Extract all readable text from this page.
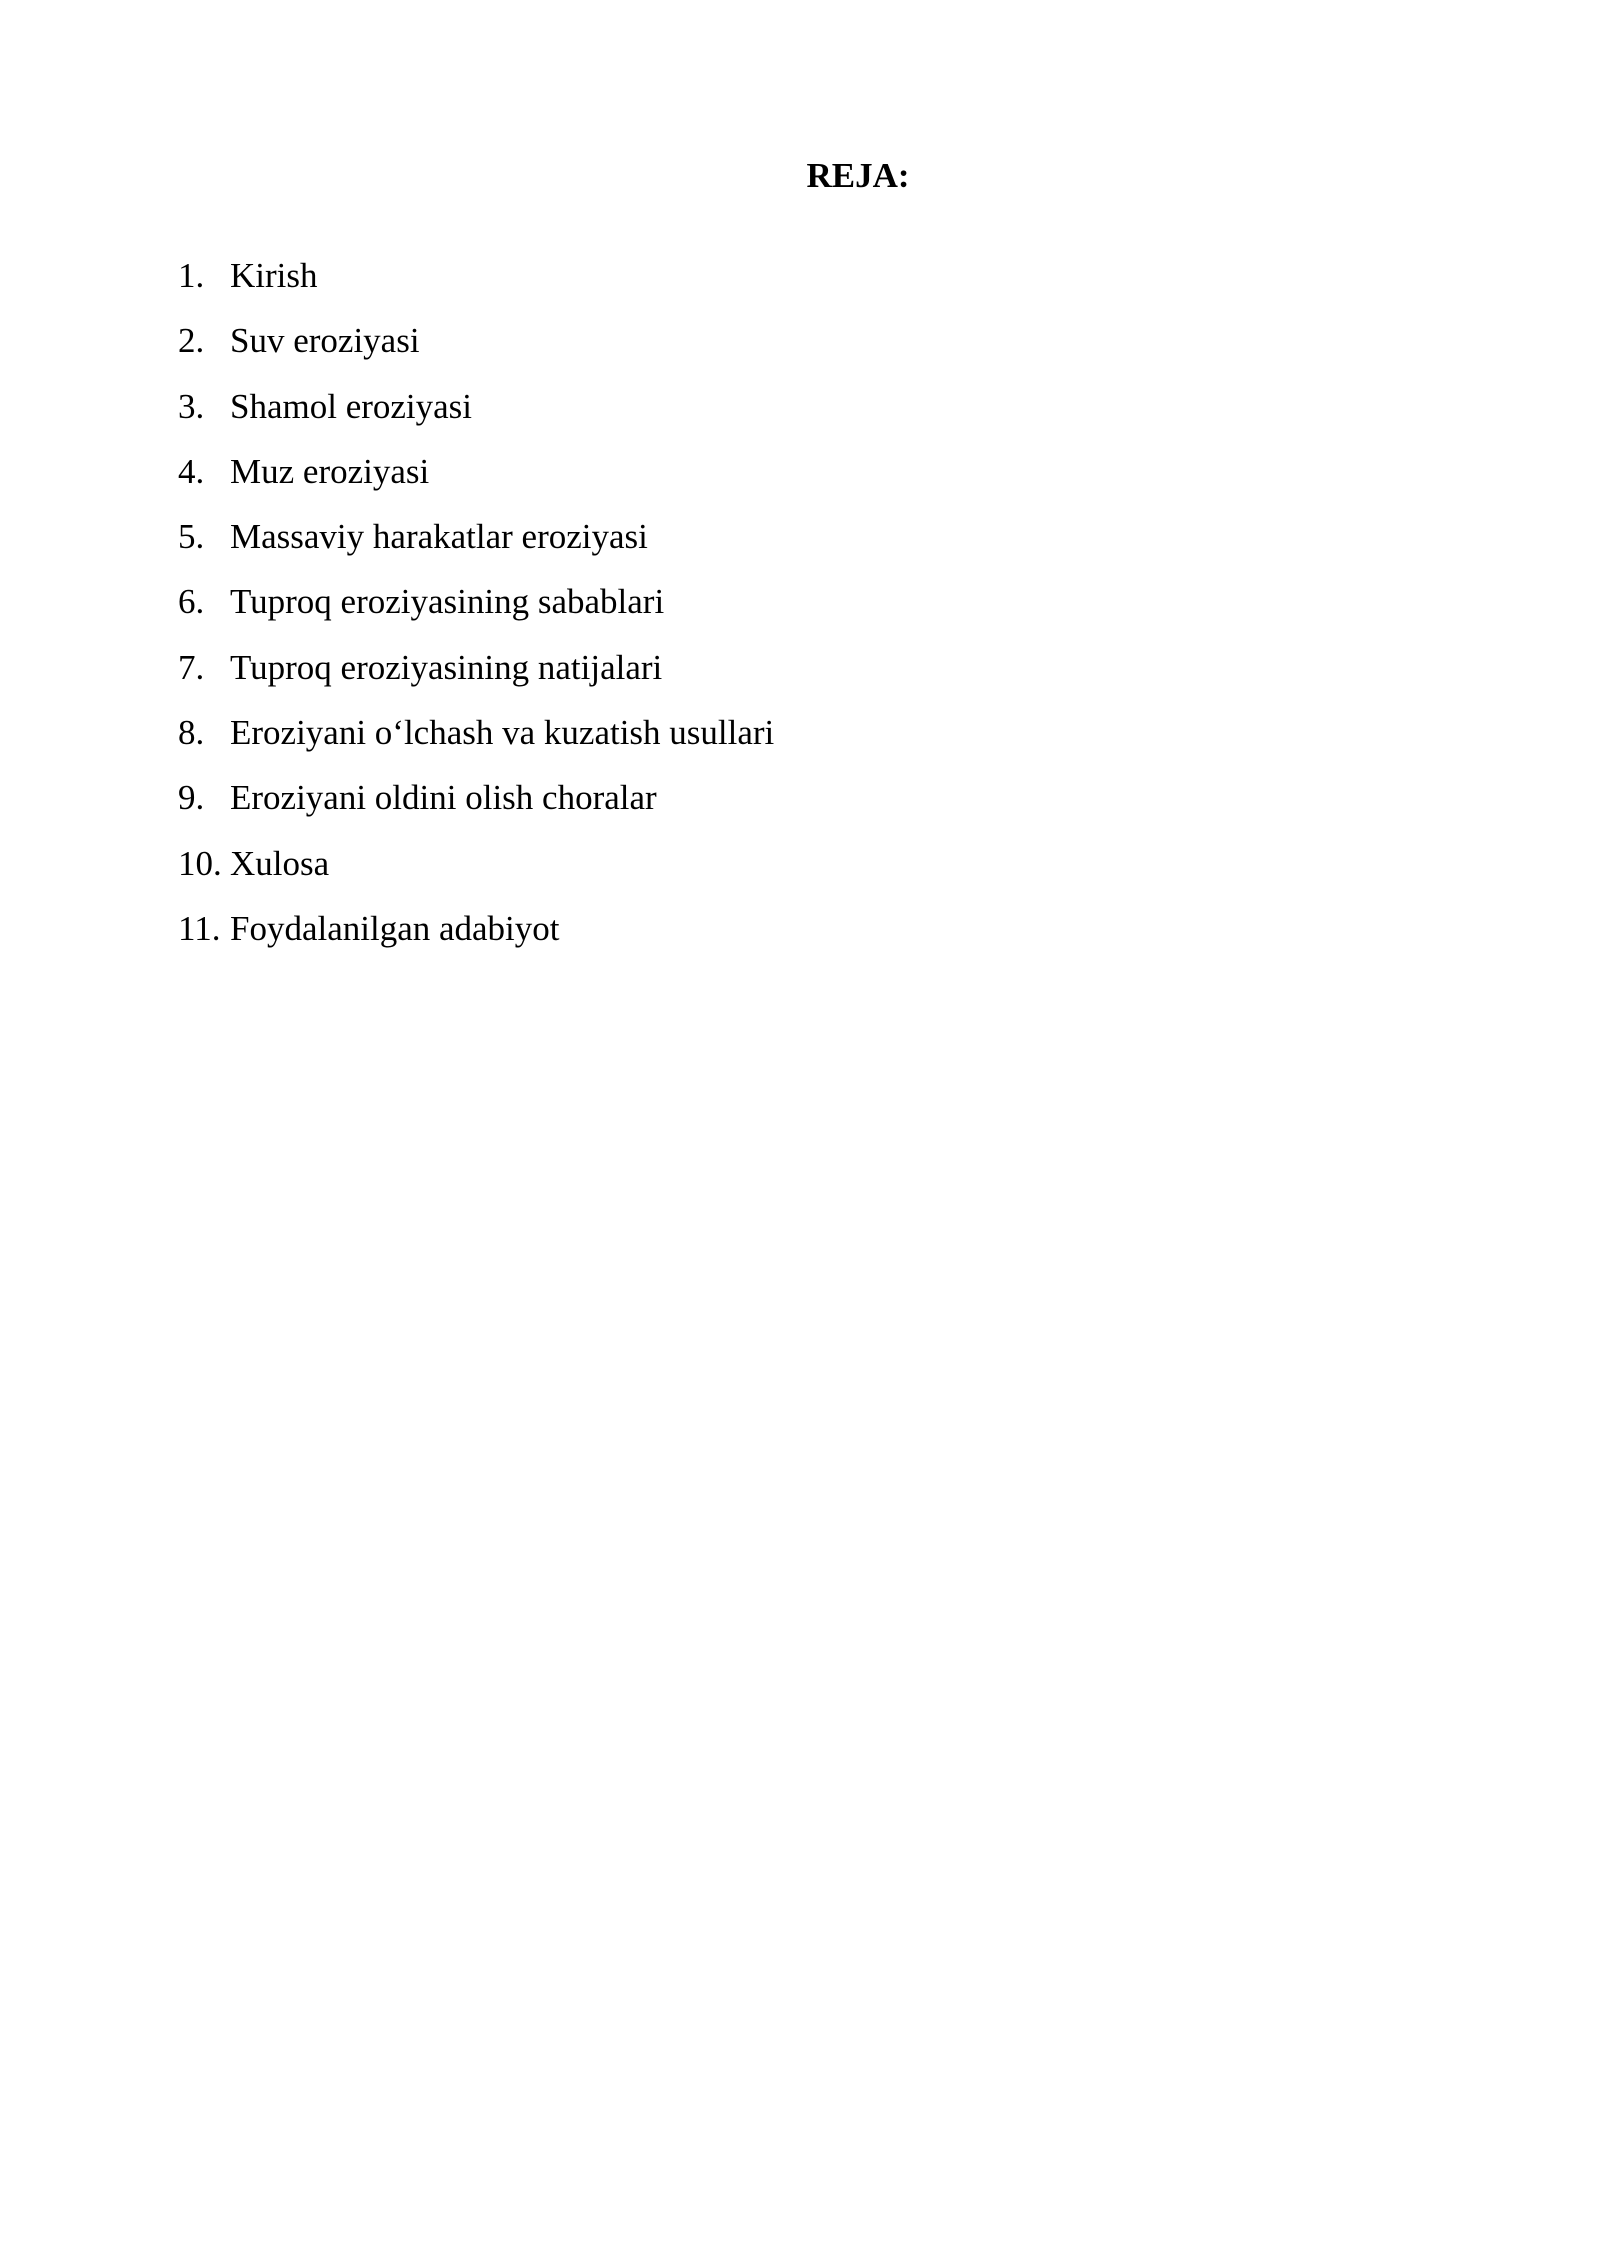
REJA:
1. Kirish
2. Suv eroziyasi
3. Shamol eroziyasi
4. Muz eroziyasi
5. Massaviy harakatlar eroziyasi
6. Tuproq eroziyasining sabablari
7. Tuproq eroziyasining natijalari
8. Eroziyani o‘lchash va kuzatish usullari
9. Eroziyani oldini olish choralar
10. Xulosa
11. Foydalanilgan adabiyot
